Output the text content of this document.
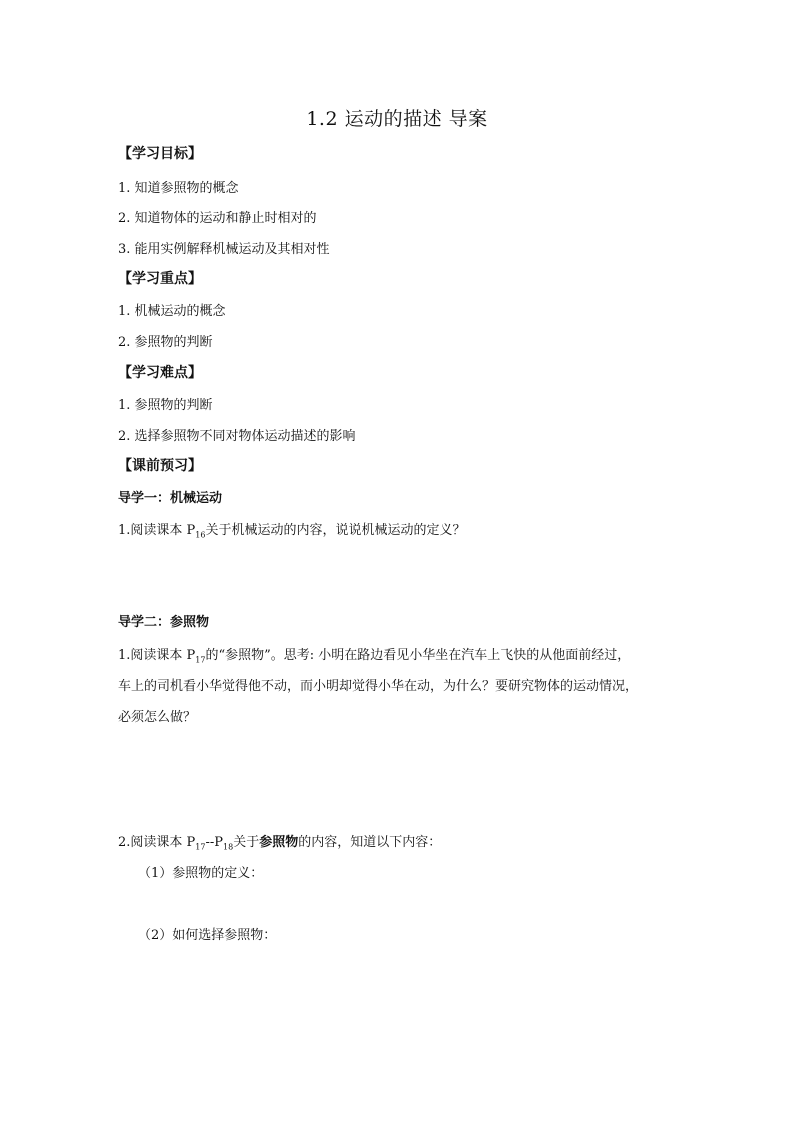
1.2 运动的描述 导案
【学习目标】
1. 知道参照物的概念
2. 知道物体的运动和静止时相对的
3. 能用实例解释机械运动及其相对性
【学习重点】
1. 机械运动的概念
2. 参照物的判断
【学习难点】
1. 参照物的判断
2. 选择参照物不同对物体运动描述的影响
【课前预习】
导学一：机械运动
1.阅读课本 $P_{16}$关于机械运动的内容，说说机械运动的定义？
导学二：参照物
1.阅读课本 $P_{17}$的“参照物”。思考: 小明在路边看见小华坐在汽车上飞快的从他面前经过，
车上的司机看小华觉得他不动，而小明却觉得小华在动，为什么？要研究物体的运动情况，
必须怎么做？
2.阅读课本 $P_{17}--P_{18}$关于参照物的内容，知道以下内容：
（1）参照物的定义：
（2）如何选择参照物：
